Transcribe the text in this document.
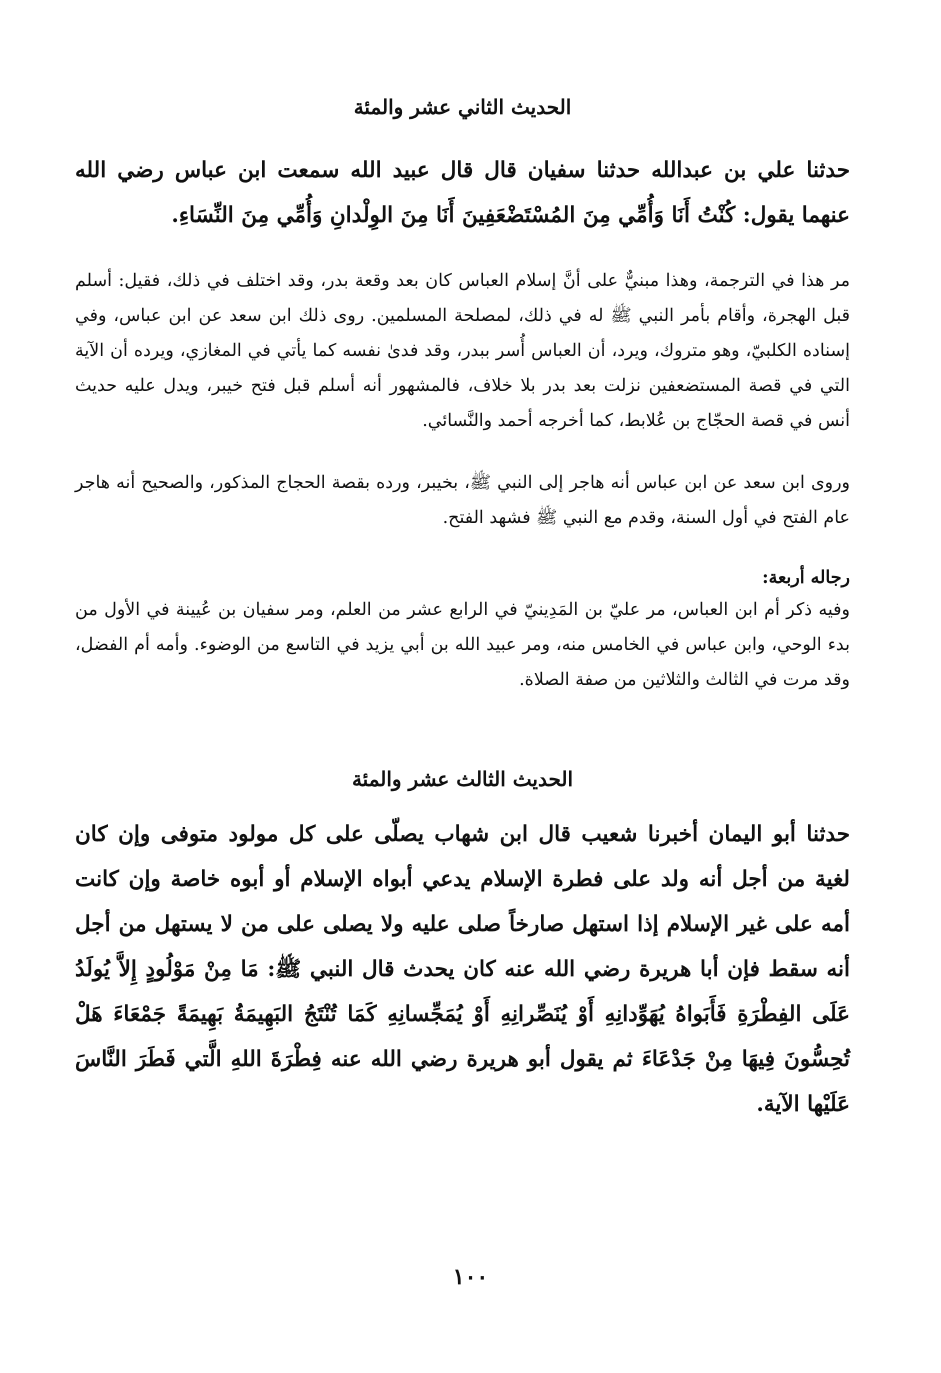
الحديث الثاني عشر والمئة

حدثنا علي بن عبدالله حدثنا سفيان قال قال عبيد الله سمعت ابن عباس رضي الله عنهما يقول: كُنْتُ أَنَا وَأُمِّي مِنَ المُسْتَضْعَفِينَ أَنَا مِنَ الوِلْدانِ وَأُمِّي مِنَ النِّسَاءِ.

مر هذا في الترجمة، وهذا مبنيٌّ على أنَّ إسلام العباس كان بعد وقعة بدر، وقد اختلف في ذلك، فقيل: أسلم قبل الهجرة، وأقام بأمر النبي ﷺ له في ذلك، لمصلحة المسلمين. روى ذلك ابن سعد عن ابن عباس، وفي إسناده الكلبيّ، وهو متروك، ويرد، أن العباس أُسر ببدر، وقد فدىٰ نفسه كما يأتي في المغازي، ويرده أن الآية التي في قصة المستضعفين نزلت بعد بدر بلا خلاف، فالمشهور أنه أسلم قبل فتح خيبر، ويدل عليه حديث أنس في قصة الحجّاج بن عُلابط، كما أخرجه أحمد والنَّسائي.

وروى ابن سعد عن ابن عباس أنه هاجر إلى النبي ﷺ، بخيبر، ورده بقصة الحجاج المذكور، والصحيح أنه هاجر عام الفتح في أول السنة، وقدم مع النبي ﷺ فشهد الفتح.

رجاله أربعة:

وفيه ذكر أم ابن العباس، مر عليّ بن المَدِينيّ في الرابع عشر من العلم، ومر سفيان بن عُيينة في الأول من بدء الوحي، وابن عباس في الخامس منه، ومر عبيد الله بن أبي يزيد في التاسع من الوضوء. وأمه أم الفضل، وقد مرت في الثالث والثلاثين من صفة الصلاة.

الحديث الثالث عشر والمئة

حدثنا أبو اليمان أخبرنا شعيب قال ابن شهاب يصلّى على كل مولود متوفى وإن كان لغية من أجل أنه ولد على فطرة الإسلام يدعي أبواه الإسلام أو أبوه خاصة وإن كانت أمه على غير الإسلام إذا استهل صارخاً صلى عليه ولا يصلى على من لا يستهل من أجل أنه سقط فإن أبا هريرة رضي الله عنه كان يحدث قال النبي ﷺ: مَا مِنْ مَوْلُودٍ إِلاَّ يُولَدُ عَلَى الفِطْرَةِ فَأَبَواهُ يُهَوِّدانِهِ أَوْ يُنَصِّرانِهِ أَوْ يُمَجِّسانِهِ كَمَا تُنْتَجُ البَهِيمَةُ بَهِيمَةً جَمْعَاءَ هَلْ تُحِسُّونَ فِيهَا مِنْ جَدْعَاءَ ثم يقول أبو هريرة رضي الله عنه فِطْرَةَ اللهِ الَّتي فَطَرَ النَّاسَ عَلَيْها الآية.

١٠٠
